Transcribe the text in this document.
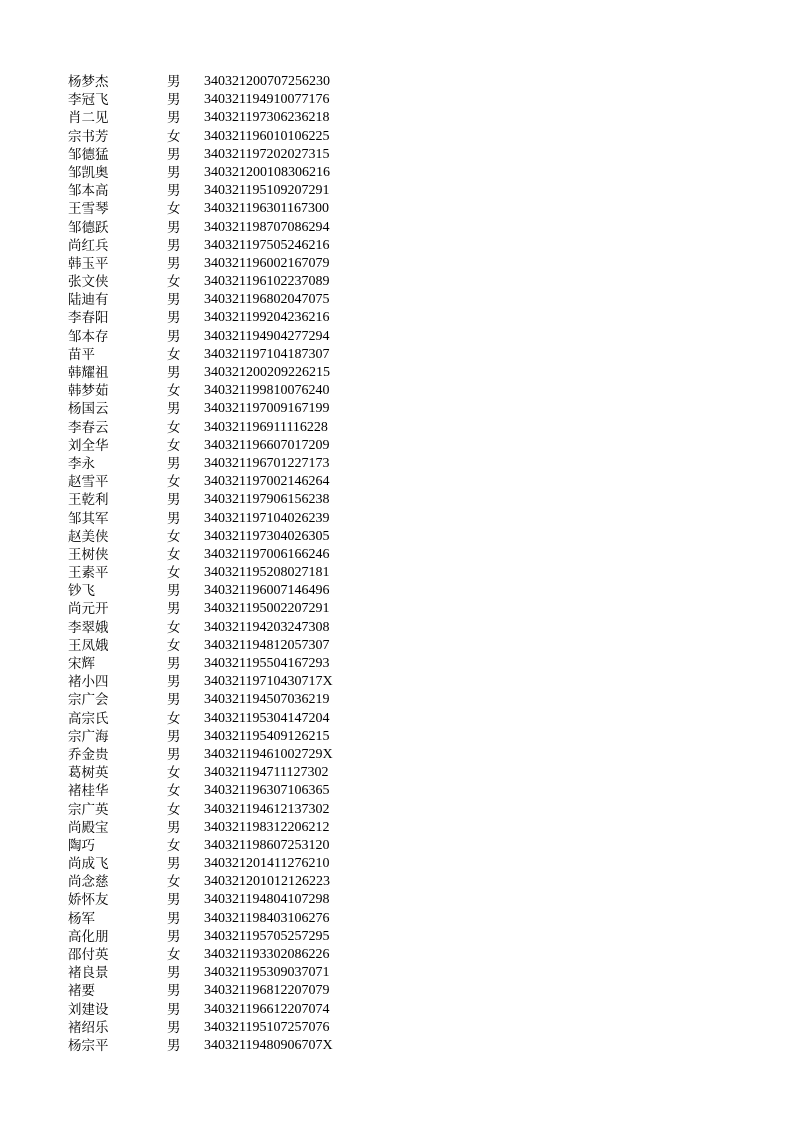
杨梦杰	男 340321200707256230
李冠飞	男 340321194910077176
肖二见	男 340321197306236218
宗书芳	女 340321196010106225
邹德猛	男 340321197202027315
邹凯奥	男 340321200108306216
邹本高	男 340321195109207291
王雪琴	女 340321196301167300
邹德跃	男 340321198707086294
尚红兵	男 340321197505246216
韩玉平	男 340321196002167079
张文侠	女 340321196102237089
陆迪有	男 340321196802047075
李春阳	男 340321199204236216
邹本存	男 340321194904277294
苗平	女 340321197104187307
韩耀祖	男 340321200209226215
韩梦茹	女 340321199810076240
杨国云	男 340321197009167199
李春云	女 340321196911116228
刘全华	女 340321196607017209
李永	男 340321196701227173
赵雪平	女 340321197002146264
王乾利	男 340321197906156238
邹其军	男 340321197104026239
赵美侠	女 340321197304026305
王树侠	女 340321197006166246
王素平	女 340321195208027181
钞飞	男 340321196007146496
尚元开	男 340321195002207291
李翠娥	女 340321194203247308
王凤娥	女 340321194812057307
宋辉	男 340321195504167293
褚小四	男 34032119710430717X
宗广会	男 340321194507036219
高宗氏	女 340321195304147204
宗广海	男 340321195409126215
乔金贵	男 34032119461002729X
葛树英	女 340321194711127302
褚桂华	女 340321196307106365
宗广英	女 340321194612137302
尚殿宝	男 340321198312206212
陶巧	女 340321198607253120
尚成飞	男 340321201411276210
尚念慈	女 340321201012126223
娇怀友	男 340321194804107298
杨军	男 340321198403106276
高化朋	男 340321195705257295
邵付英	女 340321193302086226
褚良景	男 340321195309037071
褚要	男 340321196812207079
刘建设	男 340321196612207074
褚绍乐	男 340321195107257076
杨宗平	男 34032119480906707X
